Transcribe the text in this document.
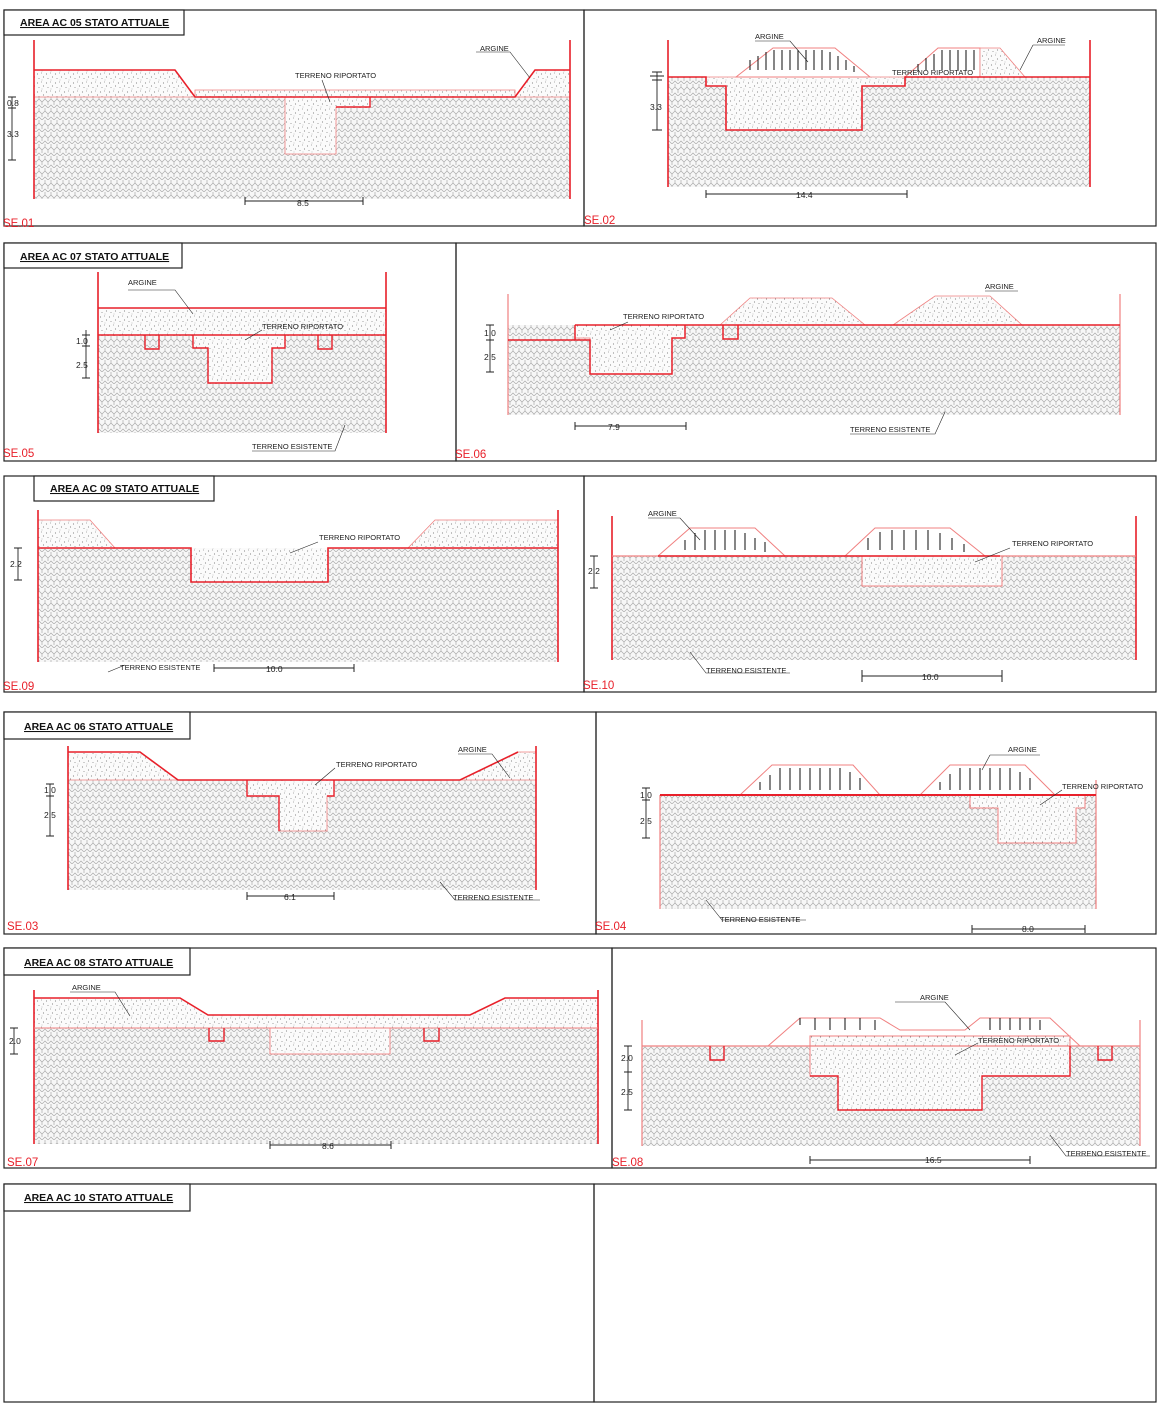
AREA AC 05 STATO ATTUALE
AREA AC 07 STATO ATTUALE
AREA AC 09 STATO ATTUALE
AREA AC 06 STATO ATTUALE
AREA AC 08 STATO ATTUALE
AREA AC 10 STATO ATTUALE
0.8
3.3
8.5
TERRENO RIPORTATO
ARGINE
SE.01
3.3
14.4
ARGINE	ARGINE
TERRENO RIPORTATO
SE.02
1.0
2.5
ARGINE
TERRENO RIPORTATO
TERRENO ESISTENTE
SE.05
1.0
2.5
7.9
TERRENO RIPORTATO
ARGINE
TERRENO ESISTENTE
SE.06
2.2
10.0
TERRENO RIPORTATO
TERRENO ESISTENTE
SE.09
2.2
10.0
ARGINE
TERRENO RIPORTATO
TERRENO ESISTENTE
SE.10
1.0
2.5
6.1
TERRENO RIPORTATO
ARGINE
TERRENO ESISTENTE
SE.03
1.0
2.5
8.0
ARGINE
TERRENO RIPORTATO
TERRENO ESISTENTE
SE.04
2.0
8.6
ARGINE
SE.07
2.0
2.5
16.5
ARGINE
TERRENO RIPORTATO
TERRENO ESISTENTE
SE.08
